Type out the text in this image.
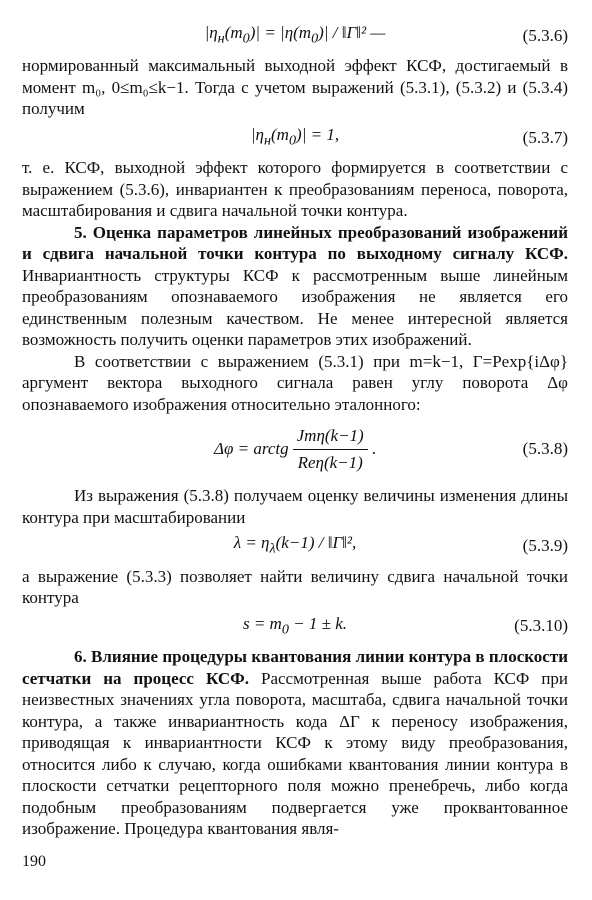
$|\eta_н(m_0)| = |\eta(m_0)|$ / ‖Γ‖² —	(5.3.6)

нормированный максимальный выходной эффект КСФ, достигаемый в момент m₀, 0≤m₀≤k−1. Тогда с учетом выражений (5.3.1), (5.3.2) и (5.3.4) получим

$|\eta_н(m_0)| = 1$,	(5.3.7)

т. е. КСФ, выходной эффект которого формируется в соответствии с выражением (5.3.6), инвариантен к преобразованиям переноса, поворота, масштабирования и сдвига начальной точки контура.

5. Оценка параметров линейных преобразований изображений и сдвига начальной точки контура по выходному сигналу КСФ. Инвариантность структуры КСФ к рассмотренным выше линейным преобразованиям опознаваемого изображения не является его единственным полезным качеством. Не менее интересной является возможность получить оценки параметров этих изображений.

В соответствии с выражением (5.3.1) при m=k−1, Γ=Pexp{iΔφ} аргумент вектора выходного сигнала равен углу поворота Δφ опознаваемого изображения относительно эталонного:

Δφ = arctg $\frac{\text{Jmη(k−1)}}{\text{Reη(k−1)}}$ .	(5.3.8)

Из выражения (5.3.8) получаем оценку величины изменения длины контура при масштабировании

$\lambda = \eta_\lambda(k-1)$ / ‖Γ‖²,	(5.3.9)

а выражение (5.3.3) позволяет найти величину сдвига начальной точки контура

$s = m_0 - 1 \pm k$.	(5.3.10)

6. Влияние процедуры квантования линии контура в плоскости сетчатки на процесс КСФ. Рассмотренная выше работа КСФ при неизвестных значениях угла поворота, масштаба, сдвига начальной точки контура, а также инвариантность кода ΔΓ к переносу изображения, приводящая к инвариантности КСФ к этому виду преобразования, относится либо к случаю, когда ошибками квантования линии контура в плоскости сетчатки рецепторного поля можно пренебречь, либо когда подобным преобразованиям подвергается уже проквантованное изображение. Процедура квантования явля-

190
